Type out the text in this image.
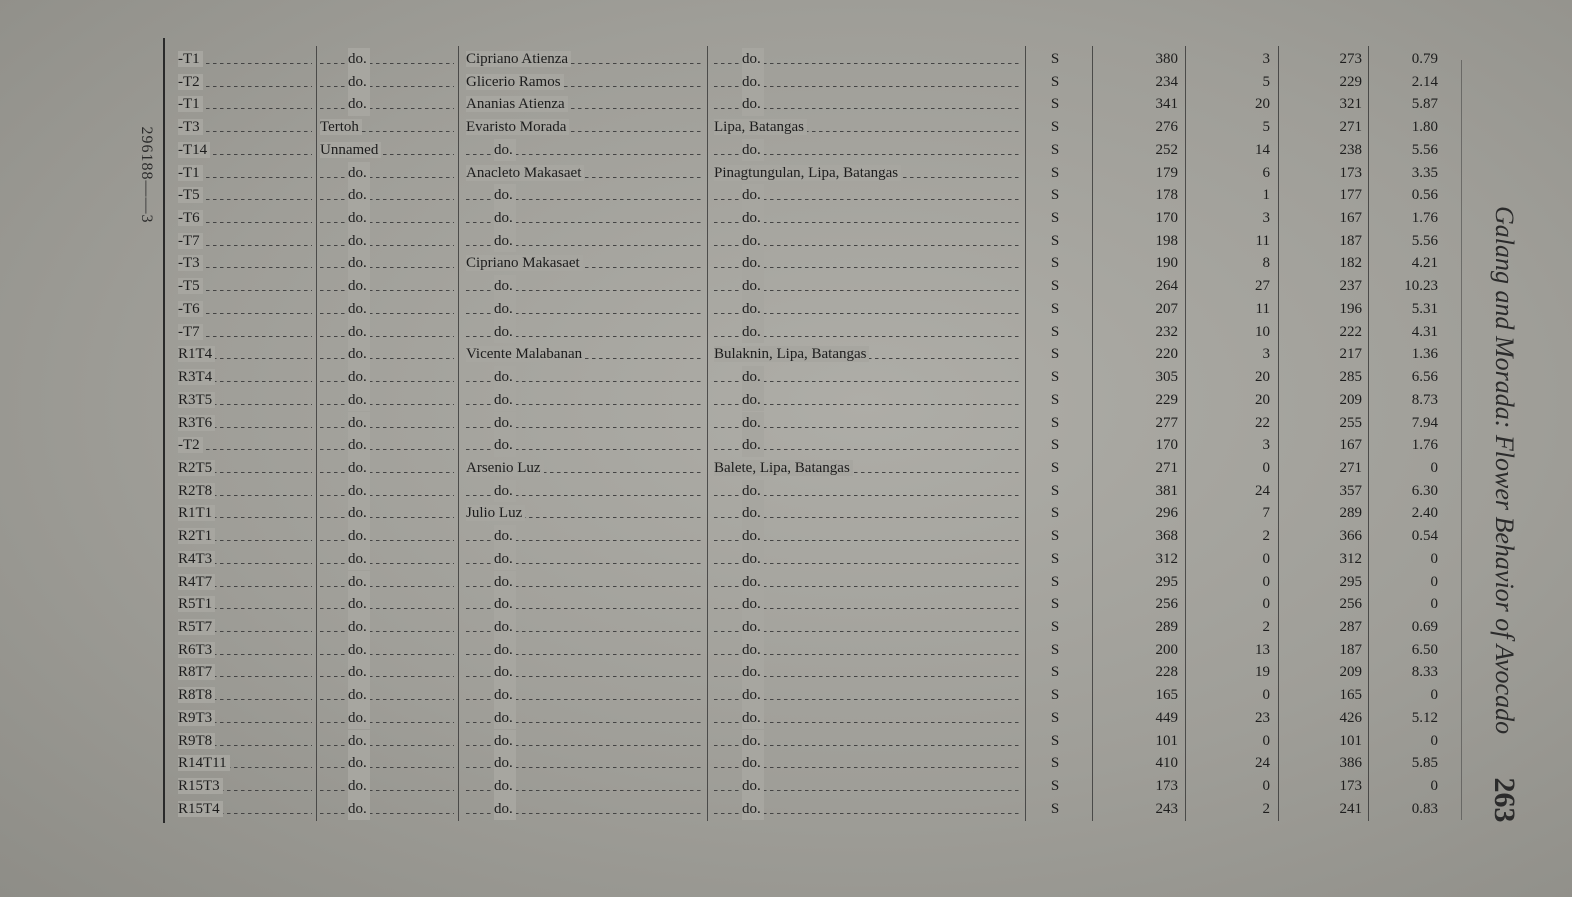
296188——3
Galang and Morada: Flower Behavior of Avocado
263
-T1	do.	Cipriano Atienza	do.	S	380	3	273	0.79
-T2	do.	Glicerio Ramos	do.	S	234	5	229	2.14
-T1	do.	Ananias Atienza	do.	S	341	20	321	5.87
-T3	Tertoh	Evaristo Morada	Lipa, Batangas	S	276	5	271	1.80
-T14	Unnamed	do.	do.	S	252	14	238	5.56
-T1	do.	Anacleto Makasaet	Pinagtungulan, Lipa, Batangas	S	179	6	173	3.35
-T5	do.	do.	do.	S	178	1	177	0.56
-T6	do.	do.	do.	S	170	3	167	1.76
-T7	do.	do.	do.	S	198	11	187	5.56
-T3	do.	Cipriano Makasaet	do.	S	190	8	182	4.21
-T5	do.	do.	do.	S	264	27	237	10.23
-T6	do.	do.	do.	S	207	11	196	5.31
-T7	do.	do.	do.	S	232	10	222	4.31
R1T4	do.	Vicente Malabanan	Bulaknin, Lipa, Batangas	S	220	3	217	1.36
R3T4	do.	do.	do.	S	305	20	285	6.56
R3T5	do.	do.	do.	S	229	20	209	8.73
R3T6	do.	do.	do.	S	277	22	255	7.94
-T2	do.	do.	do.	S	170	3	167	1.76
R2T5	do.	Arsenio Luz	Balete, Lipa, Batangas	S	271	0	271	0
R2T8	do.	do.	do.	S	381	24	357	6.30
R1T1	do.	Julio Luz	do.	S	296	7	289	2.40
R2T1	do.	do.	do.	S	368	2	366	0.54
R4T3	do.	do.	do.	S	312	0	312	0
R4T7	do.	do.	do.	S	295	0	295	0
R5T1	do.	do.	do.	S	256	0	256	0
R5T7	do.	do.	do.	S	289	2	287	0.69
R6T3	do.	do.	do.	S	200	13	187	6.50
R8T7	do.	do.	do.	S	228	19	209	8.33
R8T8	do.	do.	do.	S	165	0	165	0
R9T3	do.	do.	do.	S	449	23	426	5.12
R9T8	do.	do.	do.	S	101	0	101	0
R14T11	do.	do.	do.	S	410	24	386	5.85
R15T3	do.	do.	do.	S	173	0	173	0
R15T4	do.	do.	do.	S	243	2	241	0.83
